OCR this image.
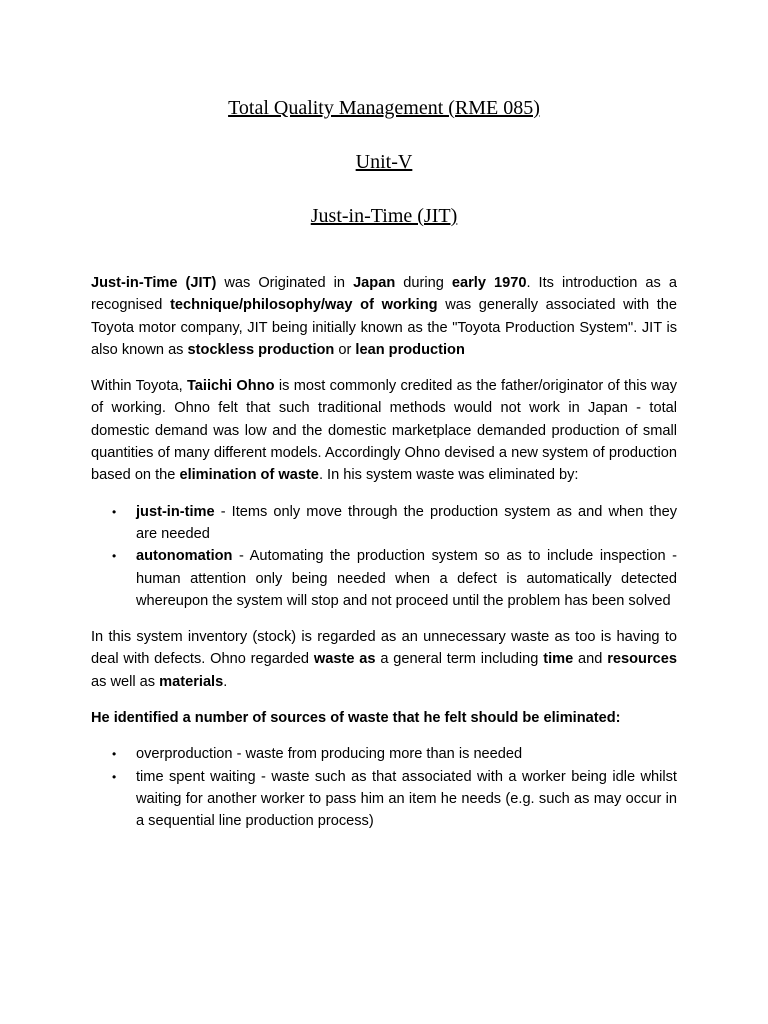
Total Quality Management (RME 085)
Unit-V
Just-in-Time (JIT)

Just-in-Time (JIT) was Originated in Japan during early 1970. Its introduction as a recognised technique/philosophy/way of working was generally associated with the Toyota motor company, JIT being initially known as the "Toyota Production System". JIT is also known as stockless production or lean production

Within Toyota, Taiichi Ohno is most commonly credited as the father/originator of this way of working. Ohno felt that such traditional methods would not work in Japan - total domestic demand was low and the domestic marketplace demanded production of small quantities of many different models. Accordingly Ohno devised a new system of production based on the elimination of waste. In his system waste was eliminated by:

• just-in-time - Items only move through the production system as and when they are needed
• autonomation - Automating the production system so as to include inspection - human attention only being needed when a defect is automatically detected whereupon the system will stop and not proceed until the problem has been solved

In this system inventory (stock) is regarded as an unnecessary waste as too is having to deal with defects. Ohno regarded waste as a general term including time and resources as well as materials.

He identified a number of sources of waste that he felt should be eliminated:

• overproduction - waste from producing more than is needed
• time spent waiting - waste such as that associated with a worker being idle whilst waiting for another worker to pass him an item he needs (e.g. such as may occur in a sequential line production process)
